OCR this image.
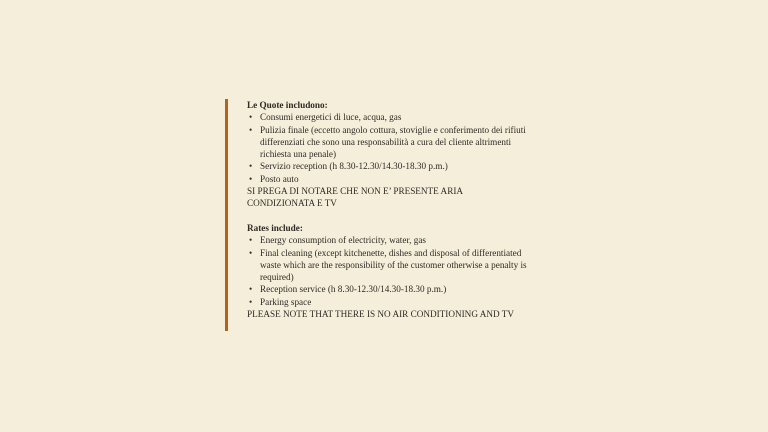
Le Quote includono:

• Consumi energetici di luce, acqua, gas
• Pulizia finale (eccetto angolo cottura, stoviglie e conferimento dei rifiuti differenziati che sono una responsabilità a cura del cliente altrimenti richiesta una penale)
• Servizio reception (h 8.30-12.30/14.30-18.30 p.m.)
• Posto auto

SI PREGA DI NOTARE CHE NON E’ PRESENTE ARIA CONDIZIONATA E TV

Rates include:

• Energy consumption of electricity, water, gas
• Final cleaning (except kitchenette, dishes and disposal of differentiated waste which are the responsibility of the customer otherwise a penalty is required)
• Reception service (h 8.30-12.30/14.30-18.30 p.m.)
• Parking space

PLEASE NOTE THAT THERE IS NO AIR CONDITIONING AND TV
